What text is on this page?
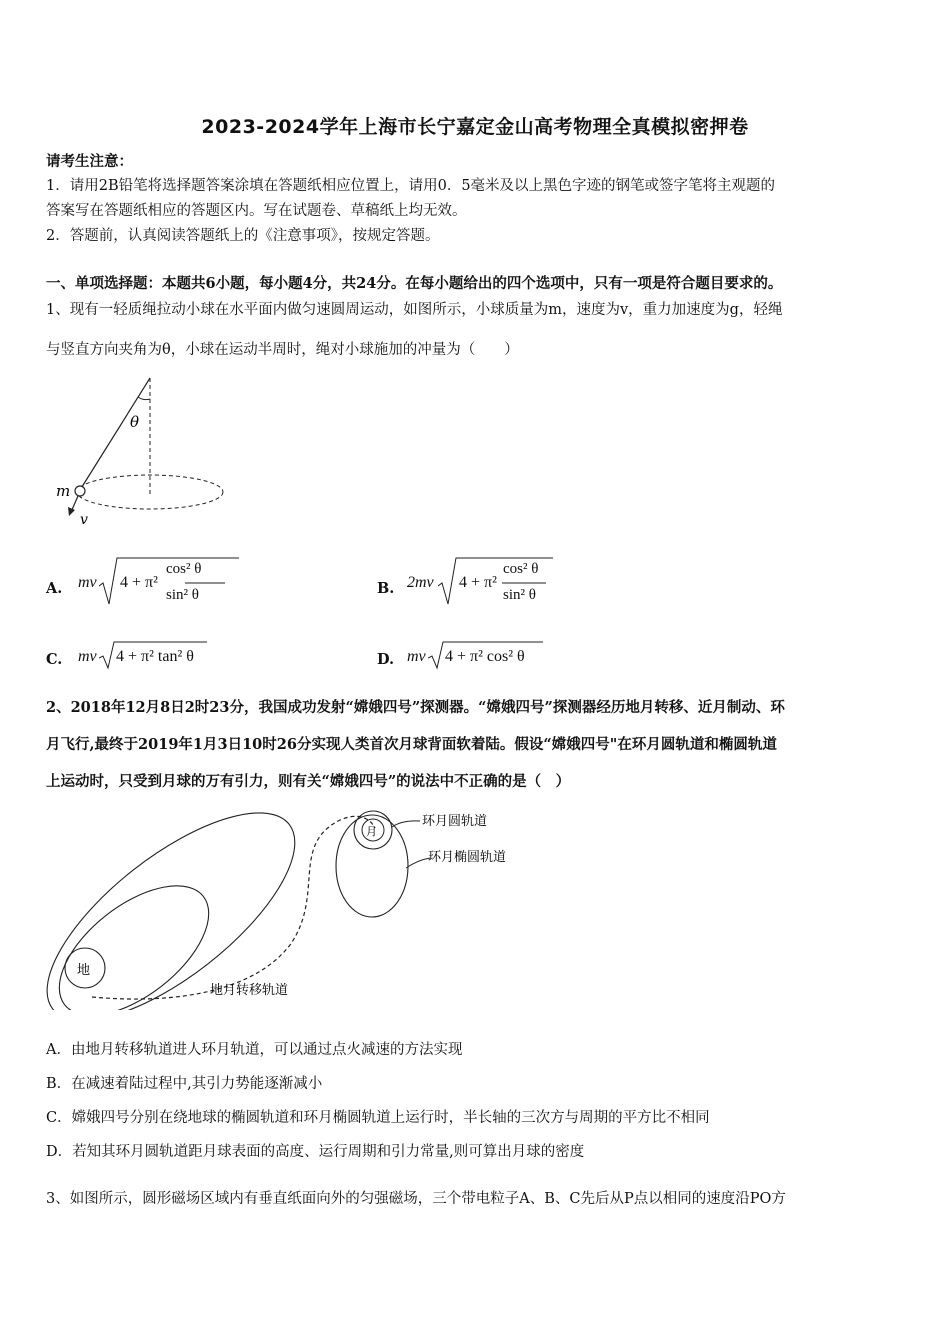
2023-2024学年上海市长宁嘉定金山高考物理全真模拟密押卷
请考生注意：
1．请用2B铅笔将选择题答案涂填在答题纸相应位置上，请用0．5毫米及以上黑色字迹的钢笔或签字笔将主观题的
答案写在答题纸相应的答题区内。写在试题卷、草稿纸上均无效。
2．答题前，认真阅读答题纸上的《注意事项》，按规定答题。
一、单项选择题：本题共6小题，每小题4分，共24分。在每小题给出的四个选项中，只有一项是符合题目要求的。
1、现有一轻质绳拉动小球在水平面内做匀速圆周运动，如图所示，小球质量为m，速度为v，重力加速度为g，轻绳
与竖直方向夹角为θ，小球在运动半周时，绳对小球施加的冲量为（　　）
θ
m
v
A. mv 4 + π²
cos² θ
sin² θ	B. 2mv 4 + π²
cos² θ
sin² θ
C. mv 4 + π² tan² θ	D. mv 4 + π² cos² θ
2、2018年12月8日2时23分，我国成功发射“嫦娥四号”探测器。“嫦娥四号”探测器经历地月转移、近月制动、环
月飞行,最终于2019年1月3日10时26分实现人类首次月球背面软着陆。假设“嫦娥四号"在环月圆轨道和椭圆轨道
上运动时，只受到月球的万有引力，则有关“嫦娥四号”的说法中不正确的是（　）
地
月
环月圆轨道
环月椭圆轨道
地月转移轨道
A．由地月转移轨道进人环月轨道，可以通过点火减速的方法实现
B．在减速着陆过程中,其引力势能逐渐减小
C．嫦娥四号分别在绕地球的椭圆轨道和环月椭圆轨道上运行时，半长轴的三次方与周期的平方比不相同
D．若知其环月圆轨道距月球表面的高度、运行周期和引力常量,则可算出月球的密度
3、如图所示，圆形磁场区域内有垂直纸面向外的匀强磁场，三个带电粒子A、B、C先后从P点以相同的速度沿PO方
